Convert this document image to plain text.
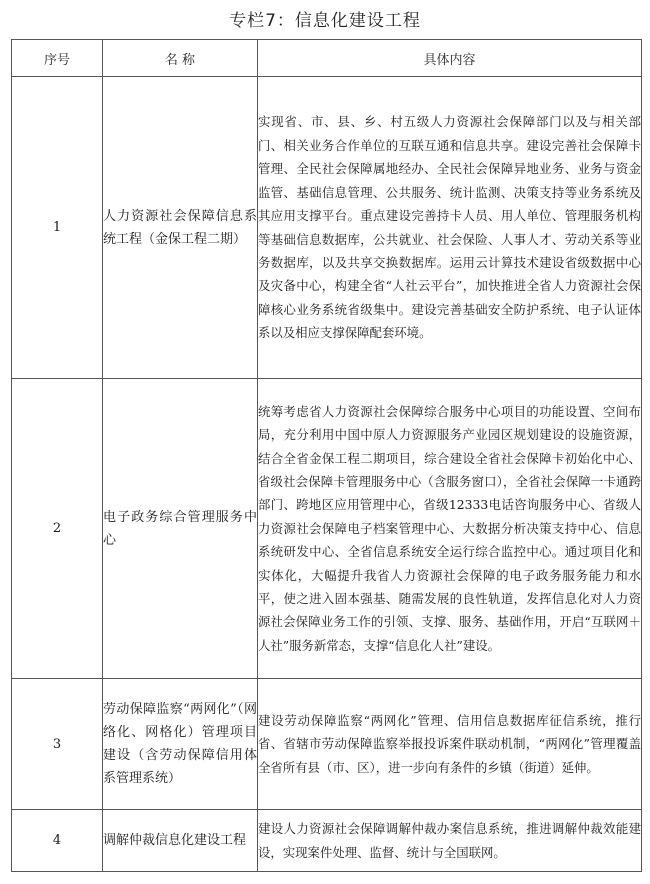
专栏7：信息化建设工程
序号	名 称	具体内容
1	人力资源社会保障信息系统工程（金保工程二期）	实现省、市、县、乡、村五级人力资源社会保障部门以及与相关部门、相关业务合作单位的互联互通和信息共享。建设完善社会保障卡管理、全民社会保障属地经办、全民社会保障异地业务、业务与资金监管、基础信息管理、公共服务、统计监测、决策支持等业务系统及其应用支撑平台。重点建设完善持卡人员、用人单位、管理服务机构等基础信息数据库，公共就业、社会保险、人事人才、劳动关系等业务数据库，以及共享交换数据库。运用云计算技术建设省级数据中心及灾备中心，构建全省“人社云平台”，加快推进全省人力资源社会保障核心业务系统省级集中。建设完善基础安全防护系统、电子认证体系以及相应支撑保障配套环境。
2	电子政务综合管理服务中心	统筹考虑省人力资源社会保障综合服务中心项目的功能设置、空间布局，充分利用中国中原人力资源服务产业园区规划建设的设施资源，结合全省金保工程二期项目，综合建设全省社会保障卡初始化中心、省级社会保障卡管理服务中心（含服务窗口），全省社会保障一卡通跨部门、跨地区应用管理中心，省级12333电话咨询服务中心、省级人力资源社会保障电子档案管理中心、大数据分析决策支持中心、信息系统研发中心、全省信息系统安全运行综合监控中心。通过项目化和实体化，大幅提升我省人力资源社会保障的电子政务服务能力和水平，使之进入固本强基、随需发展的良性轨道，发挥信息化对人力资源社会保障业务工作的引领、支撑、服务、基础作用，开启“互联网＋人社”服务新常态，支撑“信息化人社”建设。
3	劳动保障监察“两网化”（网络化、网格化）管理项目建设（含劳动保障信用体系管理系统）	建设劳动保障监察“两网化”管理、信用信息数据库征信系统，推行省、省辖市劳动保障监察举报投诉案件联动机制，“两网化”管理覆盖全省所有县（市、区），进一步向有条件的乡镇（街道）延伸。
4	调解仲裁信息化建设工程	建设人力资源社会保障调解仲裁办案信息系统，推进调解仲裁效能建设，实现案件处理、监督、统计与全国联网。
